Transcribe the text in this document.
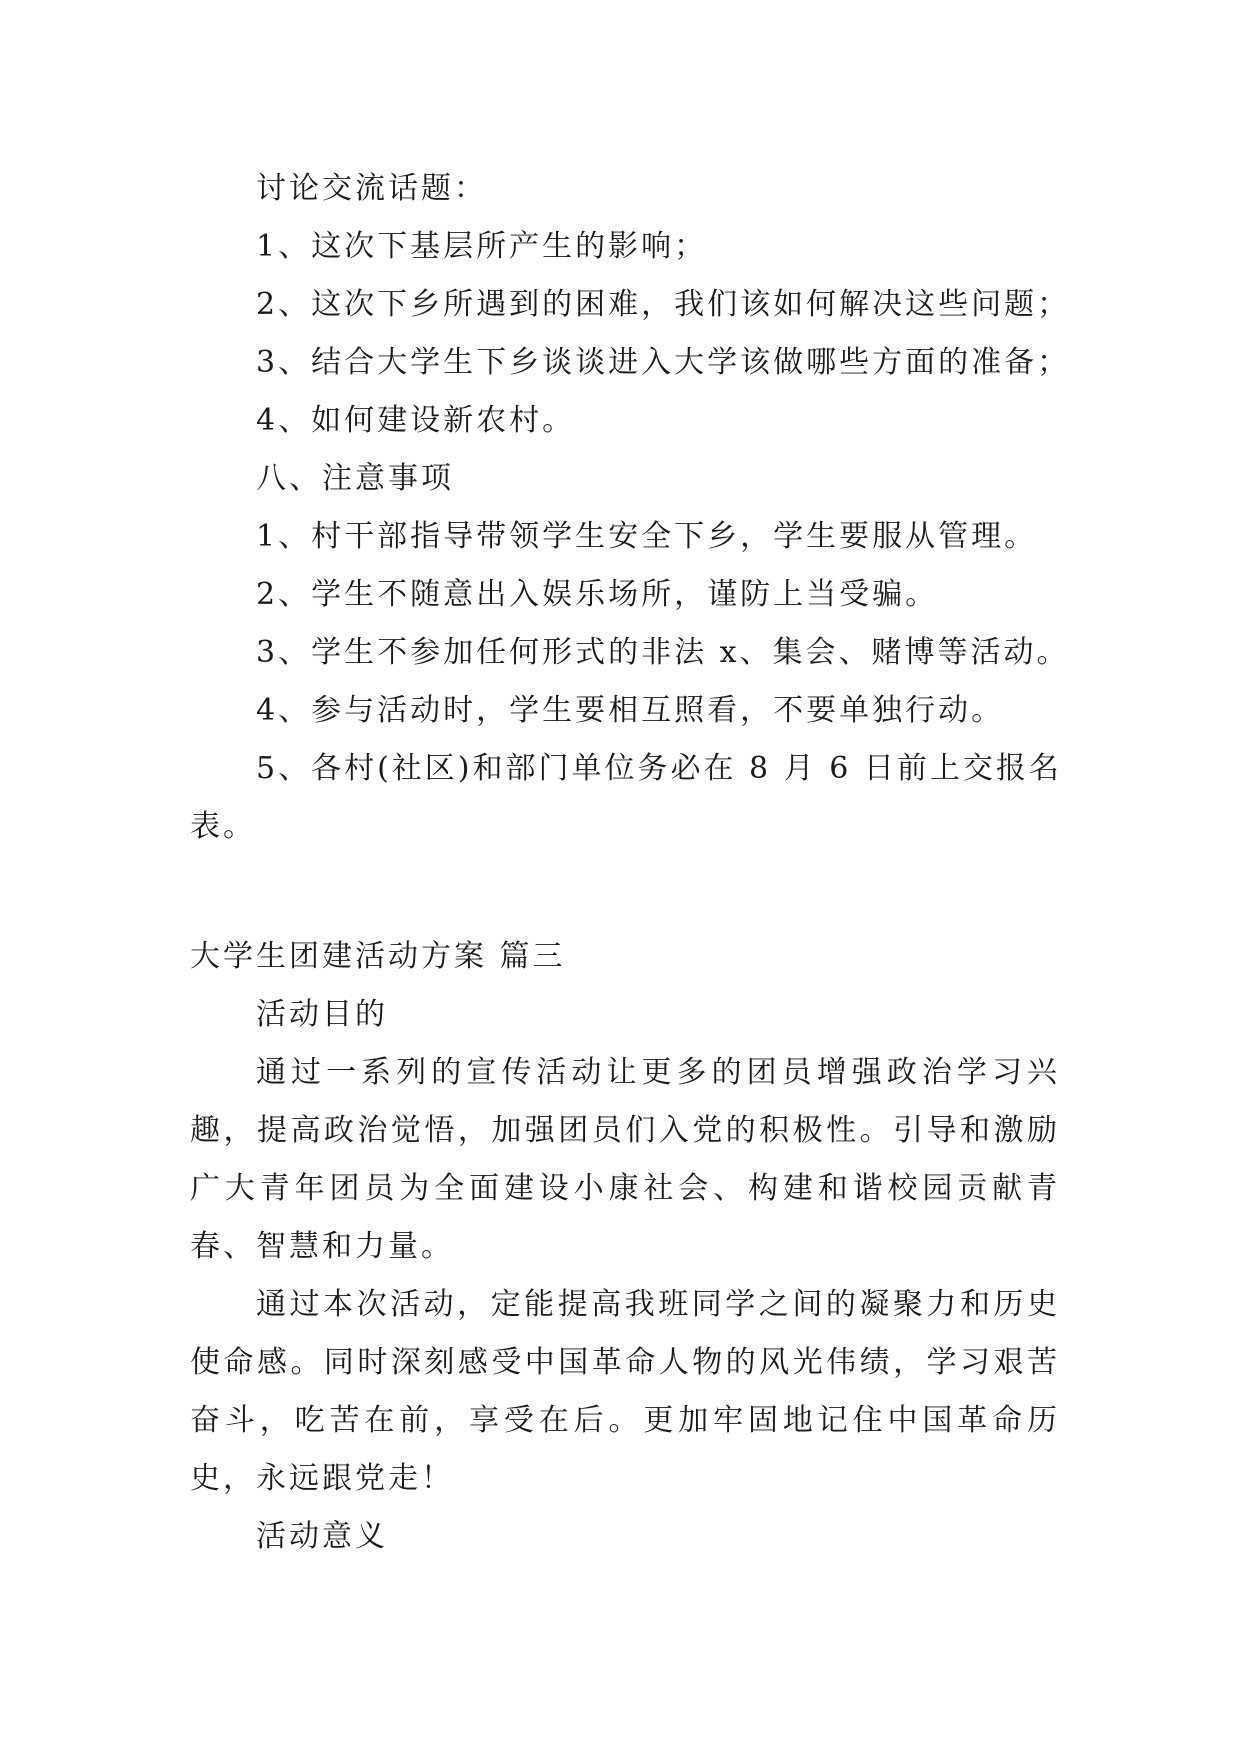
讨论交流话题：
1、这次下基层所产生的影响；
2、这次下乡所遇到的困难，我们该如何解决这些问题；
3、结合大学生下乡谈谈进入大学该做哪些方面的准备；
4、如何建设新农村。
八、注意事项
1、村干部指导带领学生安全下乡，学生要服从管理。
2、学生不随意出入娱乐场所，谨防上当受骗。
3、学生不参加任何形式的非法 x、集会、赌博等活动。
4、参与活动时，学生要相互照看，不要单独行动。
5、各村(社区)和部门单位务必在 8 月 6 日前上交报名
表。
大学生团建活动方案 篇三
活动目的

通过一系列的宣传活动让更多的团员增强政治学习兴趣，提高政治觉悟，加强团员们入党的积极性。引导和激励广大青年团员为全面建设小康社会、构建和谐校园贡献青春、智慧和力量。

通过本次活动，定能提高我班同学之间的凝聚力和历史使命感。同时深刻感受中国革命人物的风光伟绩，学习艰苦奋斗，吃苦在前，享受在后。更加牢固地记住中国革命历史，永远跟党走！

活动意义
